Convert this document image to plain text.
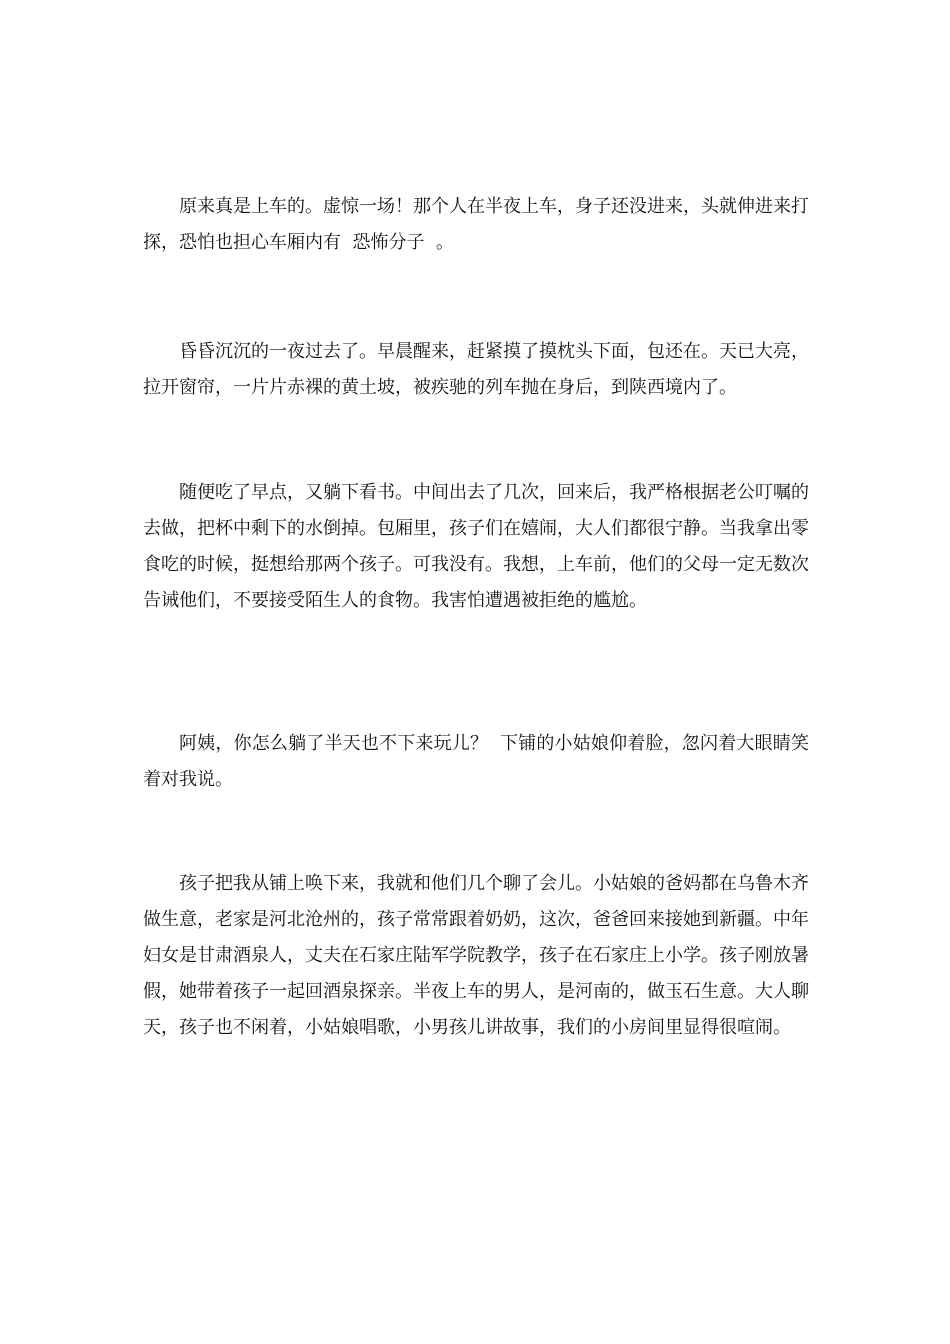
原来真是上车的。虚惊一场！那个人在半夜上车，身子还没进来，头就伸进来打探，恐怕也担心车厢内有  恐怖分子  。

昏昏沉沉的一夜过去了。早晨醒来，赶紧摸了摸枕头下面，包还在。天已大亮，拉开窗帘，一片片赤裸的黄土坡，被疾驰的列车抛在身后，到陕西境内了。

随便吃了早点，又躺下看书。中间出去了几次，回来后，我严格根据老公叮嘱的去做，把杯中剩下的水倒掉。包厢里，孩子们在嬉闹，大人们都很宁静。当我拿出零食吃的时候，挺想给那两个孩子。可我没有。我想，上车前，他们的父母一定无数次告诫他们，不要接受陌生人的食物。我害怕遭遇被拒绝的尴尬。

阿姨，你怎么躺了半天也不下来玩儿？  下铺的小姑娘仰着脸，忽闪着大眼睛笑着对我说。

孩子把我从铺上唤下来，我就和他们几个聊了会儿。小姑娘的爸妈都在乌鲁木齐做生意，老家是河北沧州的，孩子常常跟着奶奶，这次，爸爸回来接她到新疆。中年妇女是甘肃酒泉人，丈夫在石家庄陆军学院教学，孩子在石家庄上小学。孩子刚放暑假，她带着孩子一起回酒泉探亲。半夜上车的男人，是河南的，做玉石生意。大人聊天，孩子也不闲着，小姑娘唱歌，小男孩儿讲故事，我们的小房间里显得很喧闹。
